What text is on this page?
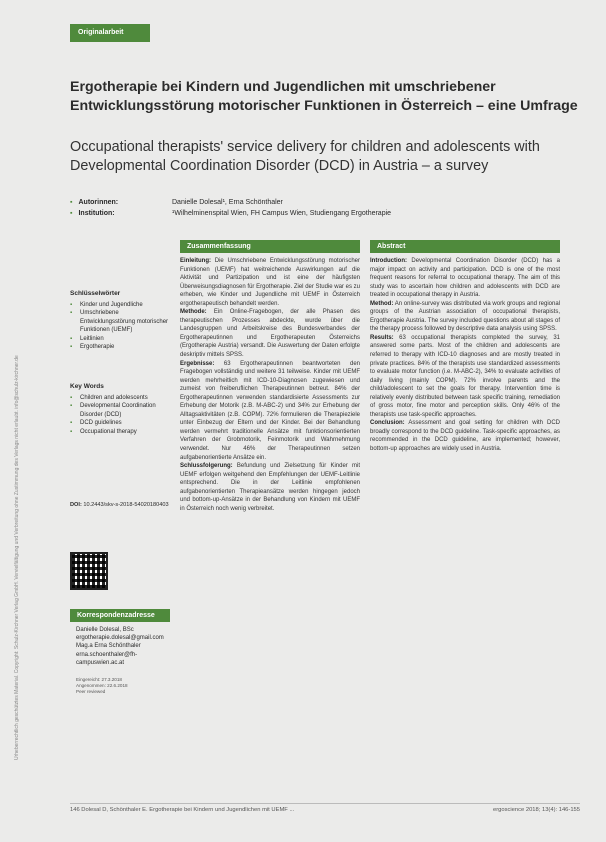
Urheberrechtlich geschütztes Material. Copyright: Schulz-Kirchner Verlag GmbH. Vervielfältigung und Verbreitung ohne Zustimmung des Verlags nicht erlaubt. info@schulz-kirchner.de
Originalarbeit
Ergotherapie bei Kindern und Jugendlichen mit umschriebener Entwicklungsstörung motorischer Funktionen in Österreich – eine Umfrage
Occupational therapists' service delivery for children and adolescents with Developmental Coordination Disorder (DCD) in Austria – a survey
▪ Autorinnen:	Danielle Dolesal¹, Erna Schönthaler
▪ Institution:	¹Wilhelminenspital Wien, FH Campus Wien, Studiengang Ergotherapie
Schlüsselwörter
▪ Kinder und Jugendliche
▪ Umschriebene Entwicklungsstörung motorischer Funktionen (UEMF)
▪ Leitlinien
▪ Ergotherapie
Key Words
▪ Children and adolescents
▪ Developmental Coordination Disorder (DCD)
▪ DCD guidelines
▪ Occupational therapy
DOI: 10.2443/skv-s-2018-54020180403
Korrespondenzadresse
Danielle Dolesal, BSc
ergotherapie.dolesal@gmail.com
Mag.a Erna Schönthaler
erna.schoenthaler@fh-campuswien.ac.at
Eingereicht: 27.3.2018
Angenommen: 22.6.2018
Peer reviewed
Zusammenfassung

Einleitung: Die Umschriebene Entwicklungsstörung motorischer Funktionen (UEMF) hat weitreichende Auswirkungen auf die Aktivität und Partizipation und ist eine der häufigsten Überweisungsdiagnosen für Ergotherapie. Ziel der Studie war es zu erheben, wie Kinder und Jugendliche mit UEMF in Österreich ergotherapeutisch behandelt werden.

Methode: Ein Online-Fragebogen, der alle Phasen des therapeutischen Prozesses abdeckte, wurde über die Landesgruppen und Arbeitskreise des Bundesverbandes der Ergotherapeutinnen und Ergotherapeuten Österreichs (Ergotherapie Austria) versandt. Die Auswertung der Daten erfolgte deskriptiv mittels SPSS.

Ergebnisse: 63 Ergotherapeutinnen beantworteten den Fragebogen vollständig und weitere 31 teilweise. Kinder mit UEMF werden mehrheitlich mit ICD-10-Diagnosen zugewiesen und zumeist von freiberuflichen Therapeutinnen betreut. 84% der Ergotherapeutinnen verwenden standardisierte Assessments zur Erhebung der Motorik (z.B. M-ABC-2) und 34% zur Erhebung der Alltagsaktivitäten (z.B. COPM). 72% formulieren die Therapieziele unter Einbezug der Eltern und der Kinder. Bei der Behandlung werden vermehrt traditionelle Ansätze mit funktionsorientierten Verfahren der Grobmotorik, Feinmotorik und Wahrnehmung verwendet. Nur 46% der Therapeutinnen setzen aufgabenorientierte Ansätze ein.

Schlussfolgerung: Befundung und Zielsetzung für Kinder mit UEMF erfolgen weitgehend den Empfehlungen der UEMF-Leitlinie entsprechend. Die in der Leitlinie empfohlenen aufgabenorientierten Therapieansätze werden hingegen jedoch und bottom-up-Ansätze in der Behandlung von Kindern mit UEMF in Österreich noch wenig verbreitet.

Abstract

Introduction: Developmental Coordination Disorder (DCD) has a major impact on activity and participation. DCD is one of the most frequent reasons for referral to occupational therapy. The aim of this study was to ascertain how children and adolescents with DCD are treated in occupational therapy in Austria.

Method: An online-survey was distributed via work groups and regional groups of the Austrian association of occupational therapists, Ergotherapie Austria. The survey included questions about all stages of the therapy process followed by descriptive data analysis using SPSS.

Results: 63 occupational therapists completed the survey, 31 answered some parts. Most of the children and adolescents are referred to therapy with ICD-10 diagnoses and are mostly treated in private practices. 84% of the therapists use standardized assessments to evaluate motor function (i.e. M-ABC-2), 34% to evaluate activities of daily living (mainly COPM). 72% involve parents and the child/adolescent to set the goals for therapy. Intervention time is relatively evenly distributed between task specific training, remediation of gross motor, fine motor and perception skills. Only 46% of the therapists use task-specific approaches.

Conclusion: Assessment and goal setting for children with DCD broadly correspond to the DCD guideline. Task-specific approaches, as recommended in the DCD guideline, are implemented; however, bottom-up approaches are widely used in Austria.

146 Dolesal D, Schönthaler E. Ergotherapie bei Kindern und Jugendlichen mit UEMF ...	ergoscience 2018; 13(4): 146-155
